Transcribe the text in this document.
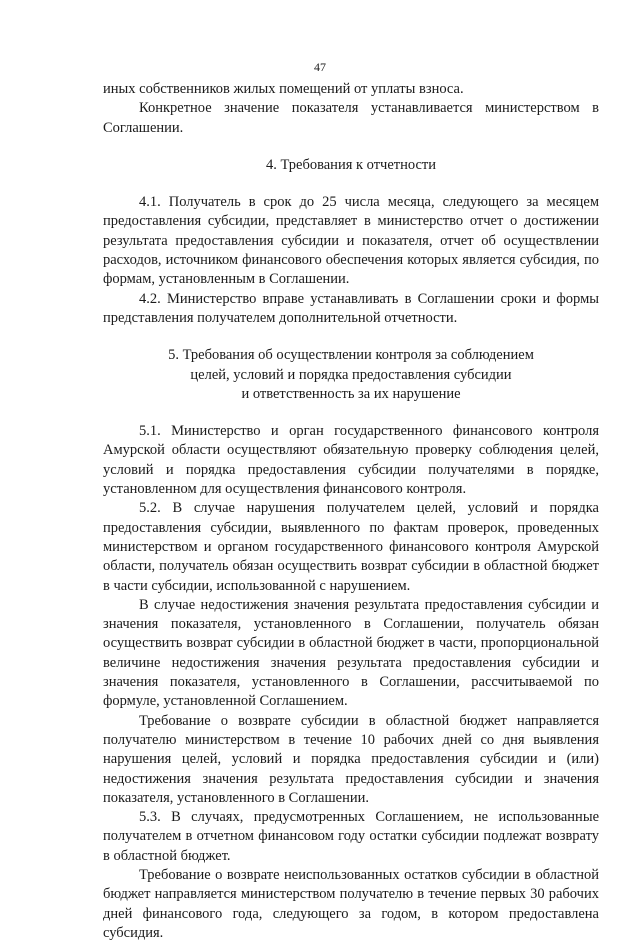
47

иных собственников жилых помещений от уплаты взноса.

Конкретное значение показателя устанавливается министерством в Соглашении.

4. Требования к отчетности

4.1. Получатель в срок до 25 числа месяца, следующего за месяцем предоставления субсидии, представляет в министерство отчет о достижении результата предоставления субсидии и показателя, отчет об осуществлении расходов, источником финансового обеспечения которых является субсидия, по формам, установленным в Соглашении.

4.2. Министерство вправе устанавливать в Соглашении сроки и формы представления получателем дополнительной отчетности.

5. Требования об осуществлении контроля за соблюдением
целей, условий и порядка предоставления субсидии
и ответственность за их нарушение

5.1. Министерство и орган государственного финансового контроля Амурской области осуществляют обязательную проверку соблюдения целей, условий и порядка предоставления субсидии получателями в порядке, установленном для осуществления финансового контроля.

5.2. В случае нарушения получателем целей, условий и порядка предоставления субсидии, выявленного по фактам проверок, проведенных министерством и органом государственного финансового контроля Амурской области, получатель обязан осуществить возврат субсидии в областной бюджет в части субсидии, использованной с нарушением.

В случае недостижения значения результата предоставления субсидии и значения показателя, установленного в Соглашении, получатель обязан осуществить возврат субсидии в областной бюджет в части, пропорциональной величине недостижения значения результата предоставления субсидии и значения показателя, установленного в Соглашении, рассчитываемой по формуле, установленной Соглашением.

Требование о возврате субсидии в областной бюджет направляется получателю министерством в течение 10 рабочих дней со дня выявления нарушения целей, условий и порядка предоставления субсидии и (или) недостижения значения результата предоставления субсидии и значения показателя, установленного в Соглашении.

5.3. В случаях, предусмотренных Соглашением, не использованные получателем в отчетном финансовом году остатки субсидии подлежат возврату в областной бюджет.

Требование о возврате неиспользованных остатков субсидии в областной бюджет направляется министерством получателю в течение первых 30 рабочих дней финансового года, следующего за годом, в котором предоставлена субсидия.
